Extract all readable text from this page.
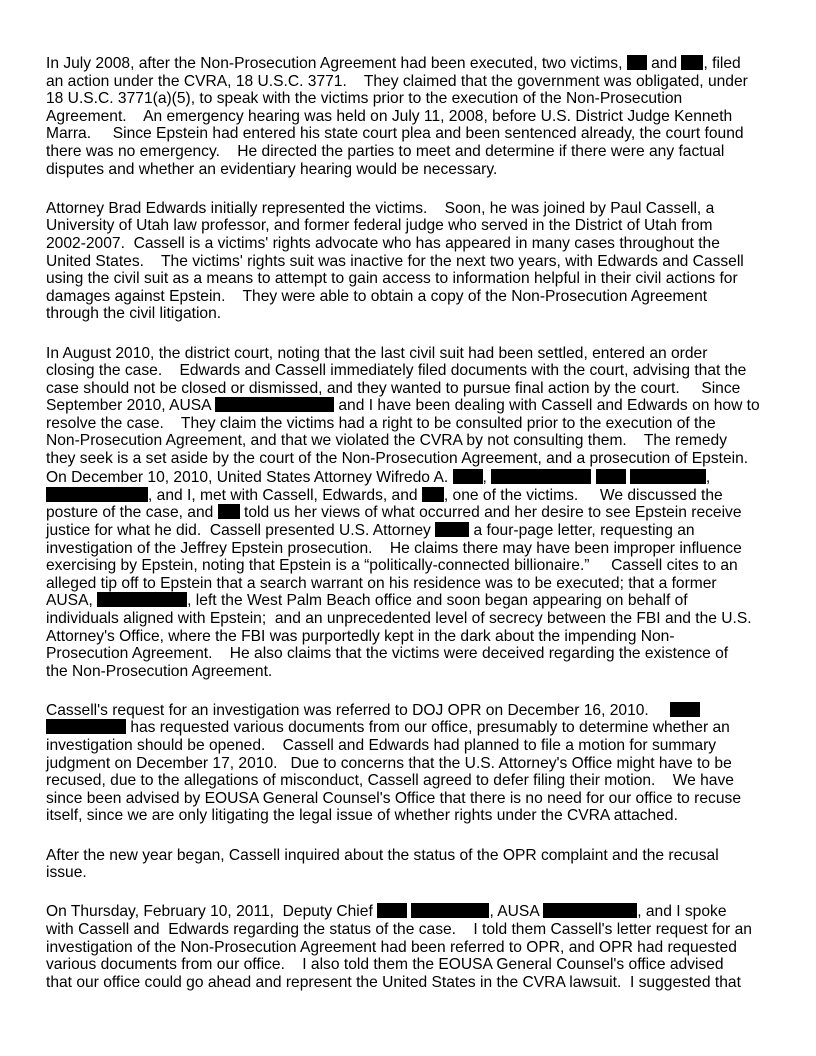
In July 2008, after the Non-Prosecution Agreement had been executed, two victims,  and , filed
an action under the CVRA, 18 U.S.C. 3771.    They claimed that the government was obligated, under
18 U.S.C. 3771(a)(5), to speak with the victims prior to the execution of the Non-Prosecution
Agreement.    An emergency hearing was held on July 11, 2008, before U.S. District Judge Kenneth
Marra.     Since Epstein had entered his state court plea and been sentenced already, the court found
there was no emergency.    He directed the parties to meet and determine if there were any factual
disputes and whether an evidentiary hearing would be necessary.
Attorney Brad Edwards initially represented the victims.    Soon, he was joined by Paul Cassell, a
University of Utah law professor, and former federal judge who served in the District of Utah from
2002-2007.  Cassell is a victims' rights advocate who has appeared in many cases throughout the
United States.    The victims' rights suit was inactive for the next two years, with Edwards and Cassell
using the civil suit as a means to attempt to gain access to information helpful in their civil actions for
damages against Epstein.    They were able to obtain a copy of the Non-Prosecution Agreement
through the civil litigation.
In August 2010, the district court, noting that the last civil suit had been settled, entered an order
closing the case.    Edwards and Cassell immediately filed documents with the court, advising that the
case should not be closed or dismissed, and they wanted to pursue final action by the court.     Since
September 2010, AUSA	and I have been dealing with Cassell and Edwards on how to
resolve the case.    They claim the victims had a right to be consulted prior to the execution of the
Non-Prosecution Agreement, and that we violated the CVRA by not consulting them.    The remedy
they seek is a set aside by the court of the Non-Prosecution Agreement, and a prosecution of Epstein.
On December 10, 2010, United States Attorney Wifredo A. ,	,
, and I, met with Cassell, Edwards, and , one of the victims.     We discussed the
posture of the case, and  told us her views of what occurred and her desire to see Epstein receive
justice for what he did.  Cassell presented U.S. Attorney  a four-page letter, requesting an
investigation of the Jeffrey Epstein prosecution.    He claims there may have been improper influence
exercising by Epstein, noting that Epstein is a “politically-connected billionaire.”     Cassell cites to an
alleged tip off to Epstein that a search warrant on his residence was to be executed; that a former
AUSA,	, left the West Palm Beach office and soon began appearing on behalf of
individuals aligned with Epstein;  and an unprecedented level of secrecy between the FBI and the U.S.
Attorney's Office, where the FBI was purportedly kept in the dark about the impending Non-
Prosecution Agreement.    He also claims that the victims were deceived regarding the existence of
the Non-Prosecution Agreement.
Cassell's request for an investigation was referred to DOJ OPR on December 16, 2010.
has requested various documents from our office, presumably to determine whether an
investigation should be opened.    Cassell and Edwards had planned to file a motion for summary
judgment on December 17, 2010.   Due to concerns that the U.S. Attorney's Office might have to be
recused, due to the allegations of misconduct, Cassell agreed to defer filing their motion.    We have
since been advised by EOUSA General Counsel's Office that there is no need for our office to recuse
itself, since we are only litigating the legal issue of whether rights under the CVRA attached.
After the new year began, Cassell inquired about the status of the OPR complaint and the recusal
issue.
On Thursday, February 10, 2011,  Deputy Chief	, AUSA	, and I spoke
with Cassell and  Edwards regarding the status of the case.    I told them Cassell's letter request for an
investigation of the Non-Prosecution Agreement had been referred to OPR, and OPR had requested
various documents from our office.    I also told them the EOUSA General Counsel's office advised
that our office could go ahead and represent the United States in the CVRA lawsuit.  I suggested that
